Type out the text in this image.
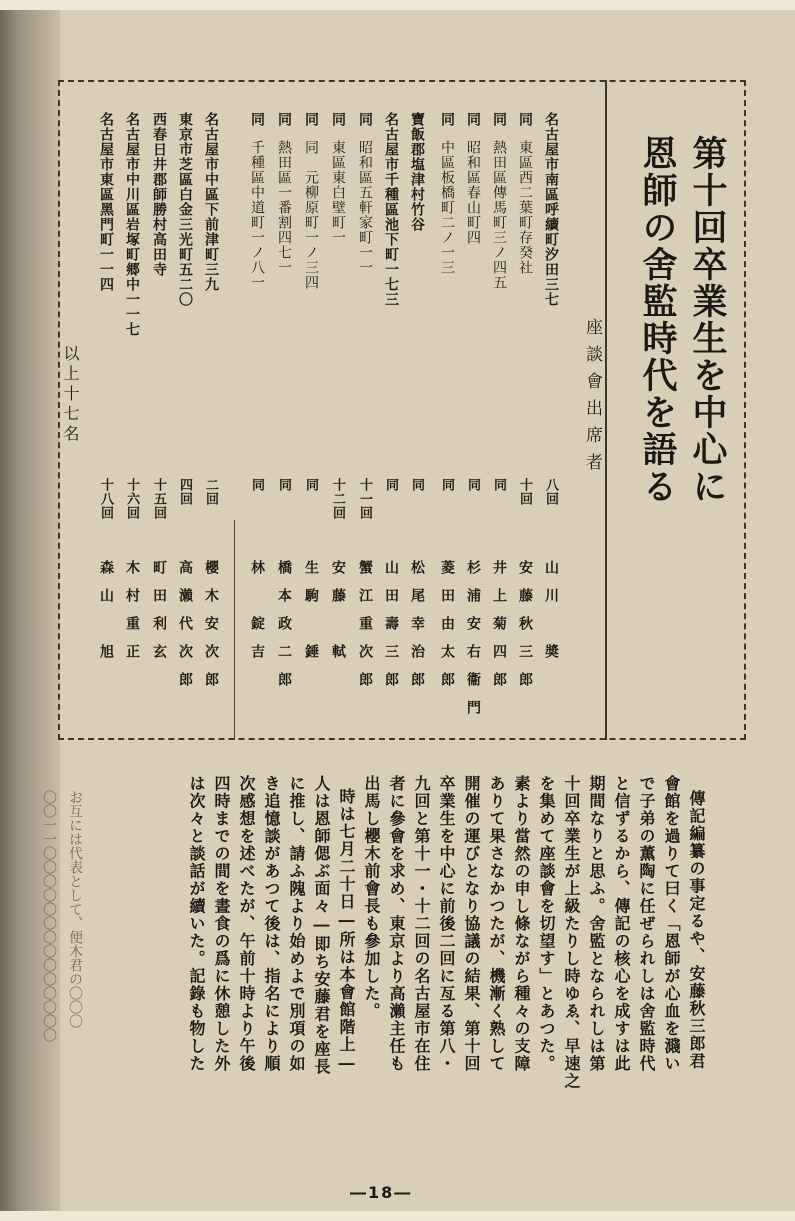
第十回卒業生を中心に
恩師の舍監時代を語る
座談會出席者
以上十七名
―18―
名古屋市南區呼續町汐田三七
八回
山川　奬
同
東區西二葉町存癸社
十回
安藤秋三郎
同
熱田區傳馬町三ノ四五
同
井上菊四郎
同
昭和區春山町四
同
杉浦安右衞門
同
中區板橋町二ノ一三
同
菱田由太郎
寶飯郡塩津村竹谷
同
松尾幸治郎
名古屋市千種區池下町一七三
同
山田壽三郎
同
昭和區五軒家町一一
十一回
蟹江重次郎
同
東區東白壁町一
十二回
安藤　軾
同
同　元柳原町一ノ三四
同
生駒　錘
同
熱田區一番割四七一
同
橋本政二郎
同
千種區中道町一ノ八一
同
林　錠吉
名古屋市中區下前津町三九
二回
櫻木安次郎
東京市芝區白金三光町五二〇
四回
高瀨代次郎
西春日井郡師勝村高田寺
十五回
町田利玄
名古屋市中川區岩塚町郷中一一七
十六回
木村重正
名古屋市東區黑門町一一四
十八回
森山　旭
傳記編纂の事定るや、安藤秋三郎君
會館を過りて曰く「恩師が心血を濺い
で子弟の薫陶に任ぜられしは舍監時代
と信ずるから、傳記の核心を成すは此
期間なりと思ふ。舍監となられしは第
十回卒業生が上級たりし時ゆゑ、早速之
を集めて座談會を切望す」とあつた。
素より當然の申し條ながら種々の支障
ありて果さなかつたが、機漸く熟して
卒業生を中心に前後二回に亙る第八・
九回と第十一・十二回の名古屋市在住
者に參會を求め、東京より高瀨主任も
出馬し櫻木前會長も參加した。
時は七月二十日―所は本會館階上―
人は恩師偲ぶ面々―即ち安藤君を座長
に推し、請ふ隗より始めよで別項の如
き追憶談があつて後は、指名により順
次感想を述べたが、午前十時より午後
四時までの間を晝食の爲に休憩した外
は次々と談話が續いた。記錄も物した	開催の運びとなり協議の結果、第十回
お互には代表として、便木君の〇〇〇
〇〇一一〇〇〇〇〇〇〇〇〇〇〇〇〇〇
